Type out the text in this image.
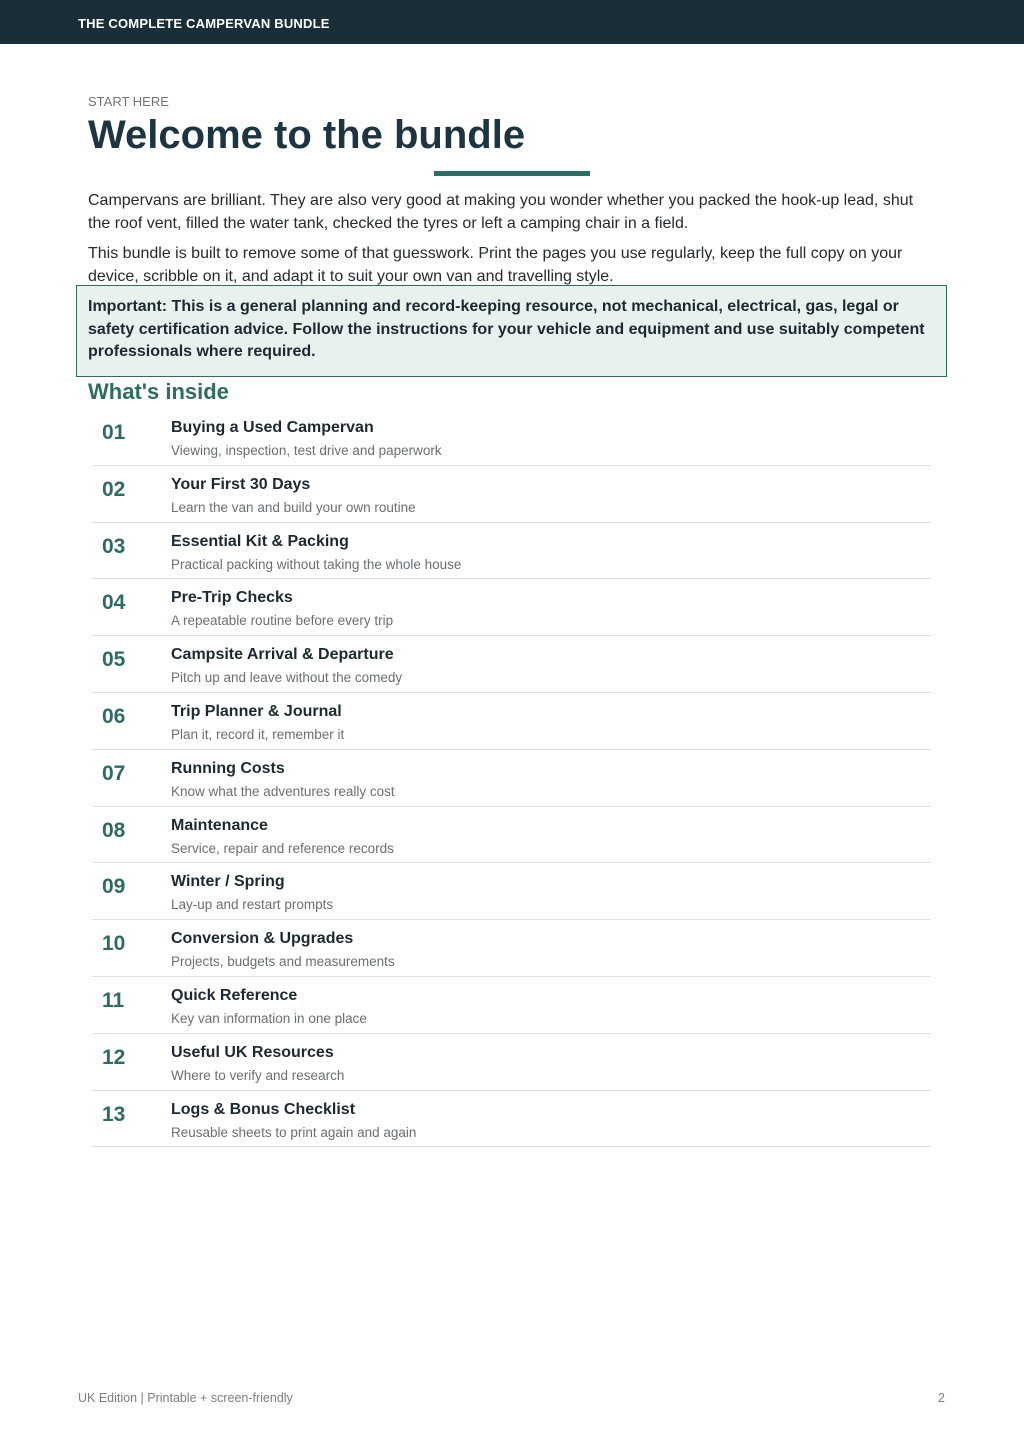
THE COMPLETE CAMPERVAN BUNDLE
START HERE
Welcome to the bundle

Campervans are brilliant. They are also very good at making you wonder whether you packed the hook-up lead, shut the roof vent, filled the water tank, checked the tyres or left a camping chair in a field.

This bundle is built to remove some of that guesswork. Print the pages you use regularly, keep the full copy on your device, scribble on it, and adapt it to suit your own van and travelling style.

Important: This is a general planning and record-keeping resource, not mechanical, electrical, gas, legal or safety certification advice. Follow the instructions for your vehicle and equipment and use suitably competent professionals where required.
What's inside
01	Buying a Used Campervan
Viewing, inspection, test drive and paperwork
02	Your First 30 Days
Learn the van and build your own routine
03	Essential Kit & Packing
Practical packing without taking the whole house
04	Pre-Trip Checks
A repeatable routine before every trip
05	Campsite Arrival & Departure
Pitch up and leave without the comedy
06	Trip Planner & Journal
Plan it, record it, remember it
07	Running Costs
Know what the adventures really cost
08	Maintenance
Service, repair and reference records
09	Winter / Spring
Lay-up and restart prompts
10	Conversion & Upgrades
Projects, budgets and measurements
11	Quick Reference
Key van information in one place
12	Useful UK Resources
Where to verify and research
13	Logs & Bonus Checklist
Reusable sheets to print again and again
UK Edition | Printable + screen-friendly	2
